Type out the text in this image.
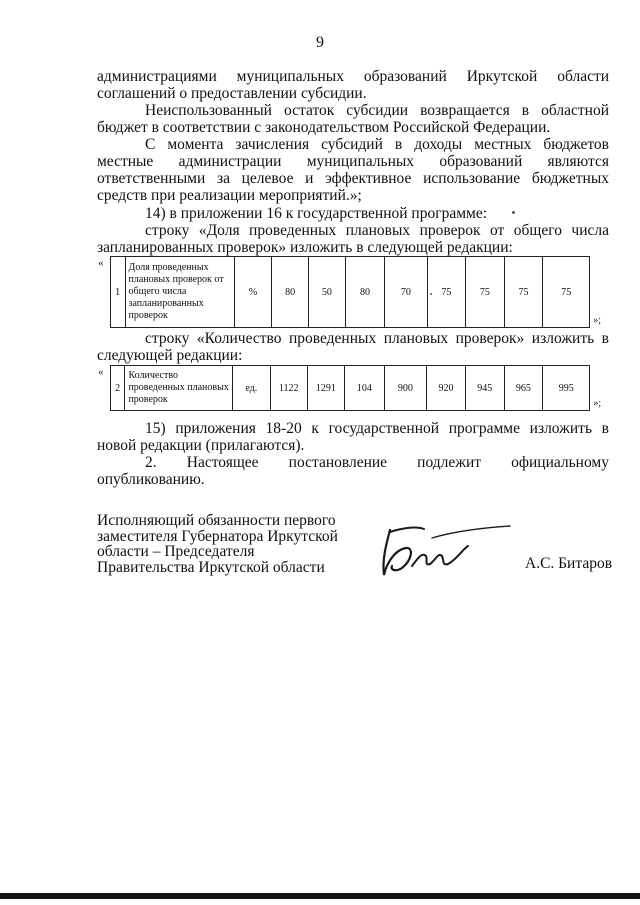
9
администрациями муниципальных образований Иркутской области

соглашений о предоставлении субсидии.

Неиспользованный остаток субсидии возвращается в областной бюджет в соответствии с законодательством Российской Федерации.

С момента зачисления субсидий в доходы местных бюджетов местные администрации муниципальных образований являются ответственными за целевое и эффективное использование бюджетных средств при реализации мероприятий.»;

14) в приложении 16 к государственной программе:

строку «Доля проведенных плановых проверок от общего числа запланированных проверок» изложить в следующей редакции:

«	1	Доля проведенных плановых проверок от общего числа запланированных проверок	%	80	50	80	70	75	75	75	75	»;

строку «Количество проведенных плановых проверок» изложить в следующей редакции:

«	2	Количество проведенных плановых проверок	ед.	1122	1291	104	900	920	945	965	995	»;

15) приложения 18-20 к государственной программе изложить в новой редакции (прилагаются).

2. Настоящее постановление подлежит официальному опубликованию.

Исполняющий обязанности первого
заместителя Губернатора Иркутской
области – Председателя
Правительства Иркутской области	А.С. Битаров
